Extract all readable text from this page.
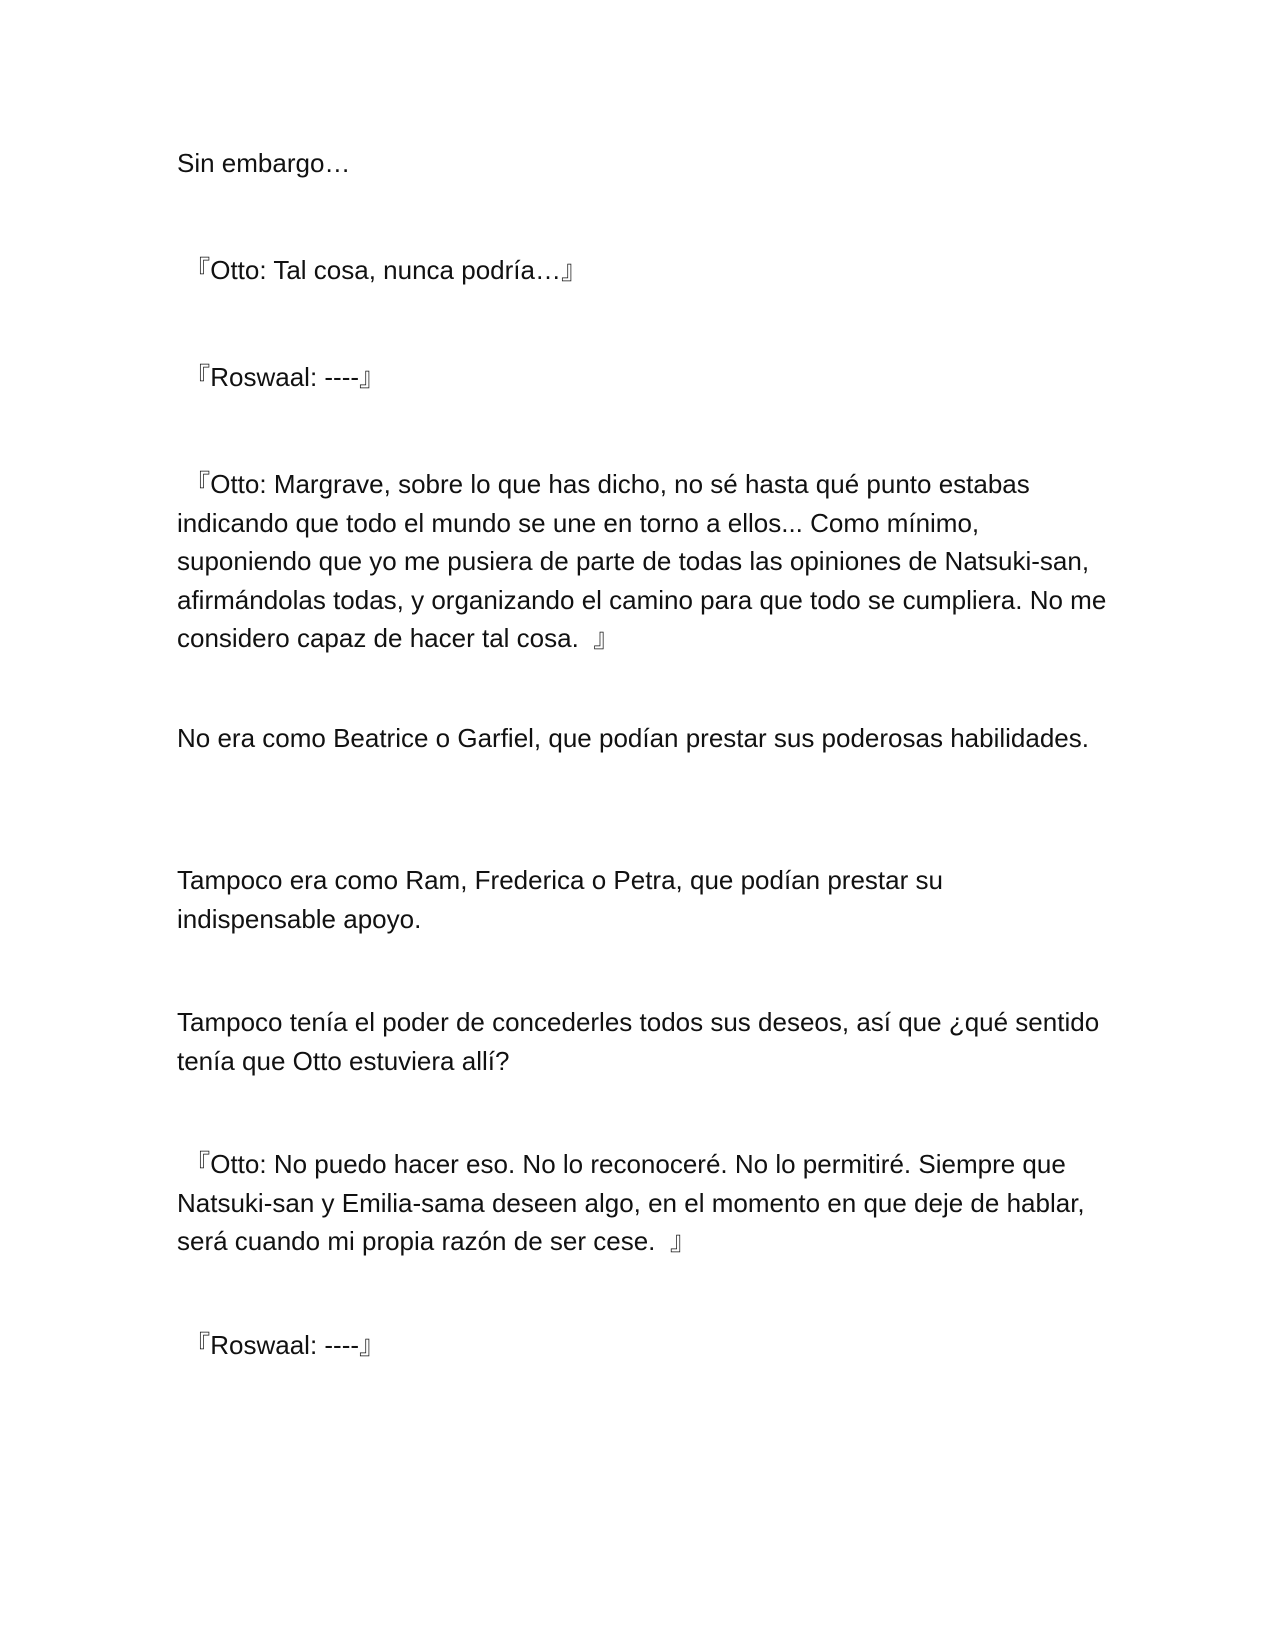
Sin embargo…

『Otto: Tal cosa, nunca podría…』

『Roswaal: ----』

『Otto: Margrave, sobre lo que has dicho, no sé hasta qué punto estabas indicando que todo el mundo se une en torno a ellos... Como mínimo, suponiendo que yo me pusiera de parte de todas las opiniones de Natsuki-san, afirmándolas todas, y organizando el camino para que todo se cumpliera. No me considero capaz de hacer tal cosa.  』

No era como Beatrice o Garfiel, que podían prestar sus poderosas habilidades.

Tampoco era como Ram, Frederica o Petra, que podían prestar su indispensable apoyo.

Tampoco tenía el poder de concederles todos sus deseos, así que ¿qué sentido tenía que Otto estuviera allí?

『Otto: No puedo hacer eso. No lo reconoceré. No lo permitiré. Siempre que Natsuki-san y Emilia-sama deseen algo, en el momento en que deje de hablar, será cuando mi propia razón de ser cese.  』

『Roswaal: ----』
